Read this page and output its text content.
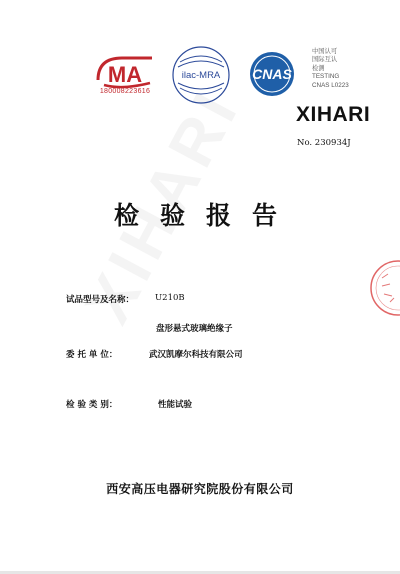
MA
180008223616
ilac-MRA CNAS
中国认可
国际互认
检测
TESTING
CNAS L0223
XIHARI
No. 230934J
检验报告
试品型号及名称： U210B
盘形悬式玻璃绝缘子
委 托 单 位：	武汉凯摩尔科技有限公司
检 验 类 别：	性能试验
西安高压电器研究院股份有限公司
